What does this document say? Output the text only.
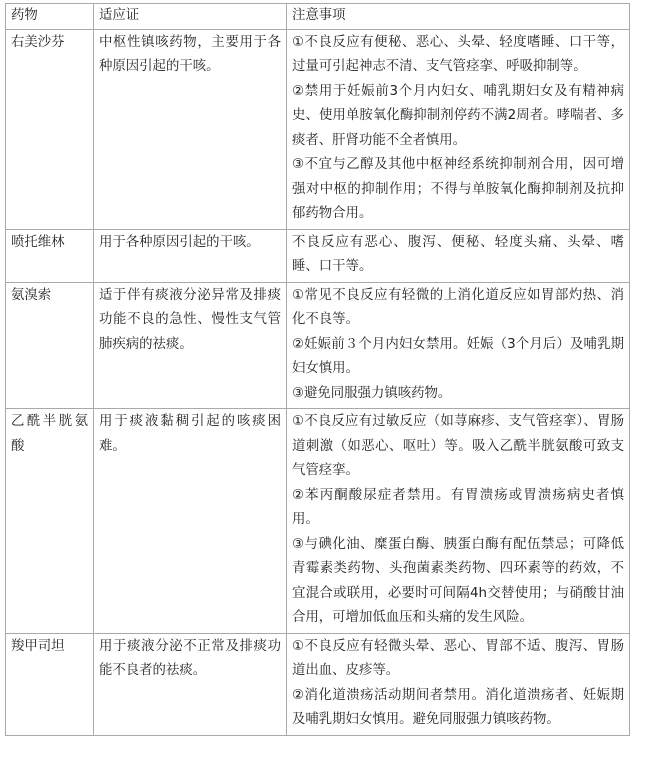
药物	适应证	注意事项
右美沙芬	中枢性镇咳药物，主要用于各种原因引起的干咳。	①不良反应有便秘、恶心、头晕、轻度嗜睡、口干等，过量可引起神志不清、支气管痉挛、呼吸抑制等。

②禁用于妊娠前3个月内妇女、哺乳期妇女及有精神病史、使用单胺氧化酶抑制剂停药不满2周者。哮喘者、多痰者、肝肾功能不全者慎用。

③不宜与乙醇及其他中枢神经系统抑制剂合用，因可增强对中枢的抑制作用；不得与单胺氧化酶抑制剂及抗抑郁药物合用。

喷托维林	用于各种原因引起的干咳。	不良反应有恶心、腹泻、便秘、轻度头痛、头晕、嗜睡、口干等。

氨溴索	适于伴有痰液分泌异常及排痰功能不良的急性、慢性支气管肺疾病的祛痰。	①常见不良反应有轻微的上消化道反应如胃部灼热、消化不良等。

②妊娠前３个月内妇女禁用。妊娠（3个月后）及哺乳期妇女慎用。

③避免同服强力镇咳药物。

乙酰半胱氨酸	用于痰液黏稠引起的咳痰困难。	①不良反应有过敏反应（如荨麻疹、支气管痉挛）、胃肠道刺激（如恶心、呕吐）等。吸入乙酰半胱氨酸可致支气管痉挛。

②苯丙酮酸尿症者禁用。有胃溃疡或胃溃疡病史者慎用。

③与碘化油、糜蛋白酶、胰蛋白酶有配伍禁忌；可降低青霉素类药物、头孢菌素类药物、四环素等的药效，不宜混合或联用，必要时可间隔4h交替使用；与硝酸甘油合用，可增加低血压和头痛的发生风险。

羧甲司坦	用于痰液分泌不正常及排痰功能不良者的祛痰。	①不良反应有轻微头晕、恶心、胃部不适、腹泻、胃肠道出血、皮疹等。

②消化道溃疡活动期间者禁用。消化道溃疡者、妊娠期及哺乳期妇女慎用。避免同服强力镇咳药物。
